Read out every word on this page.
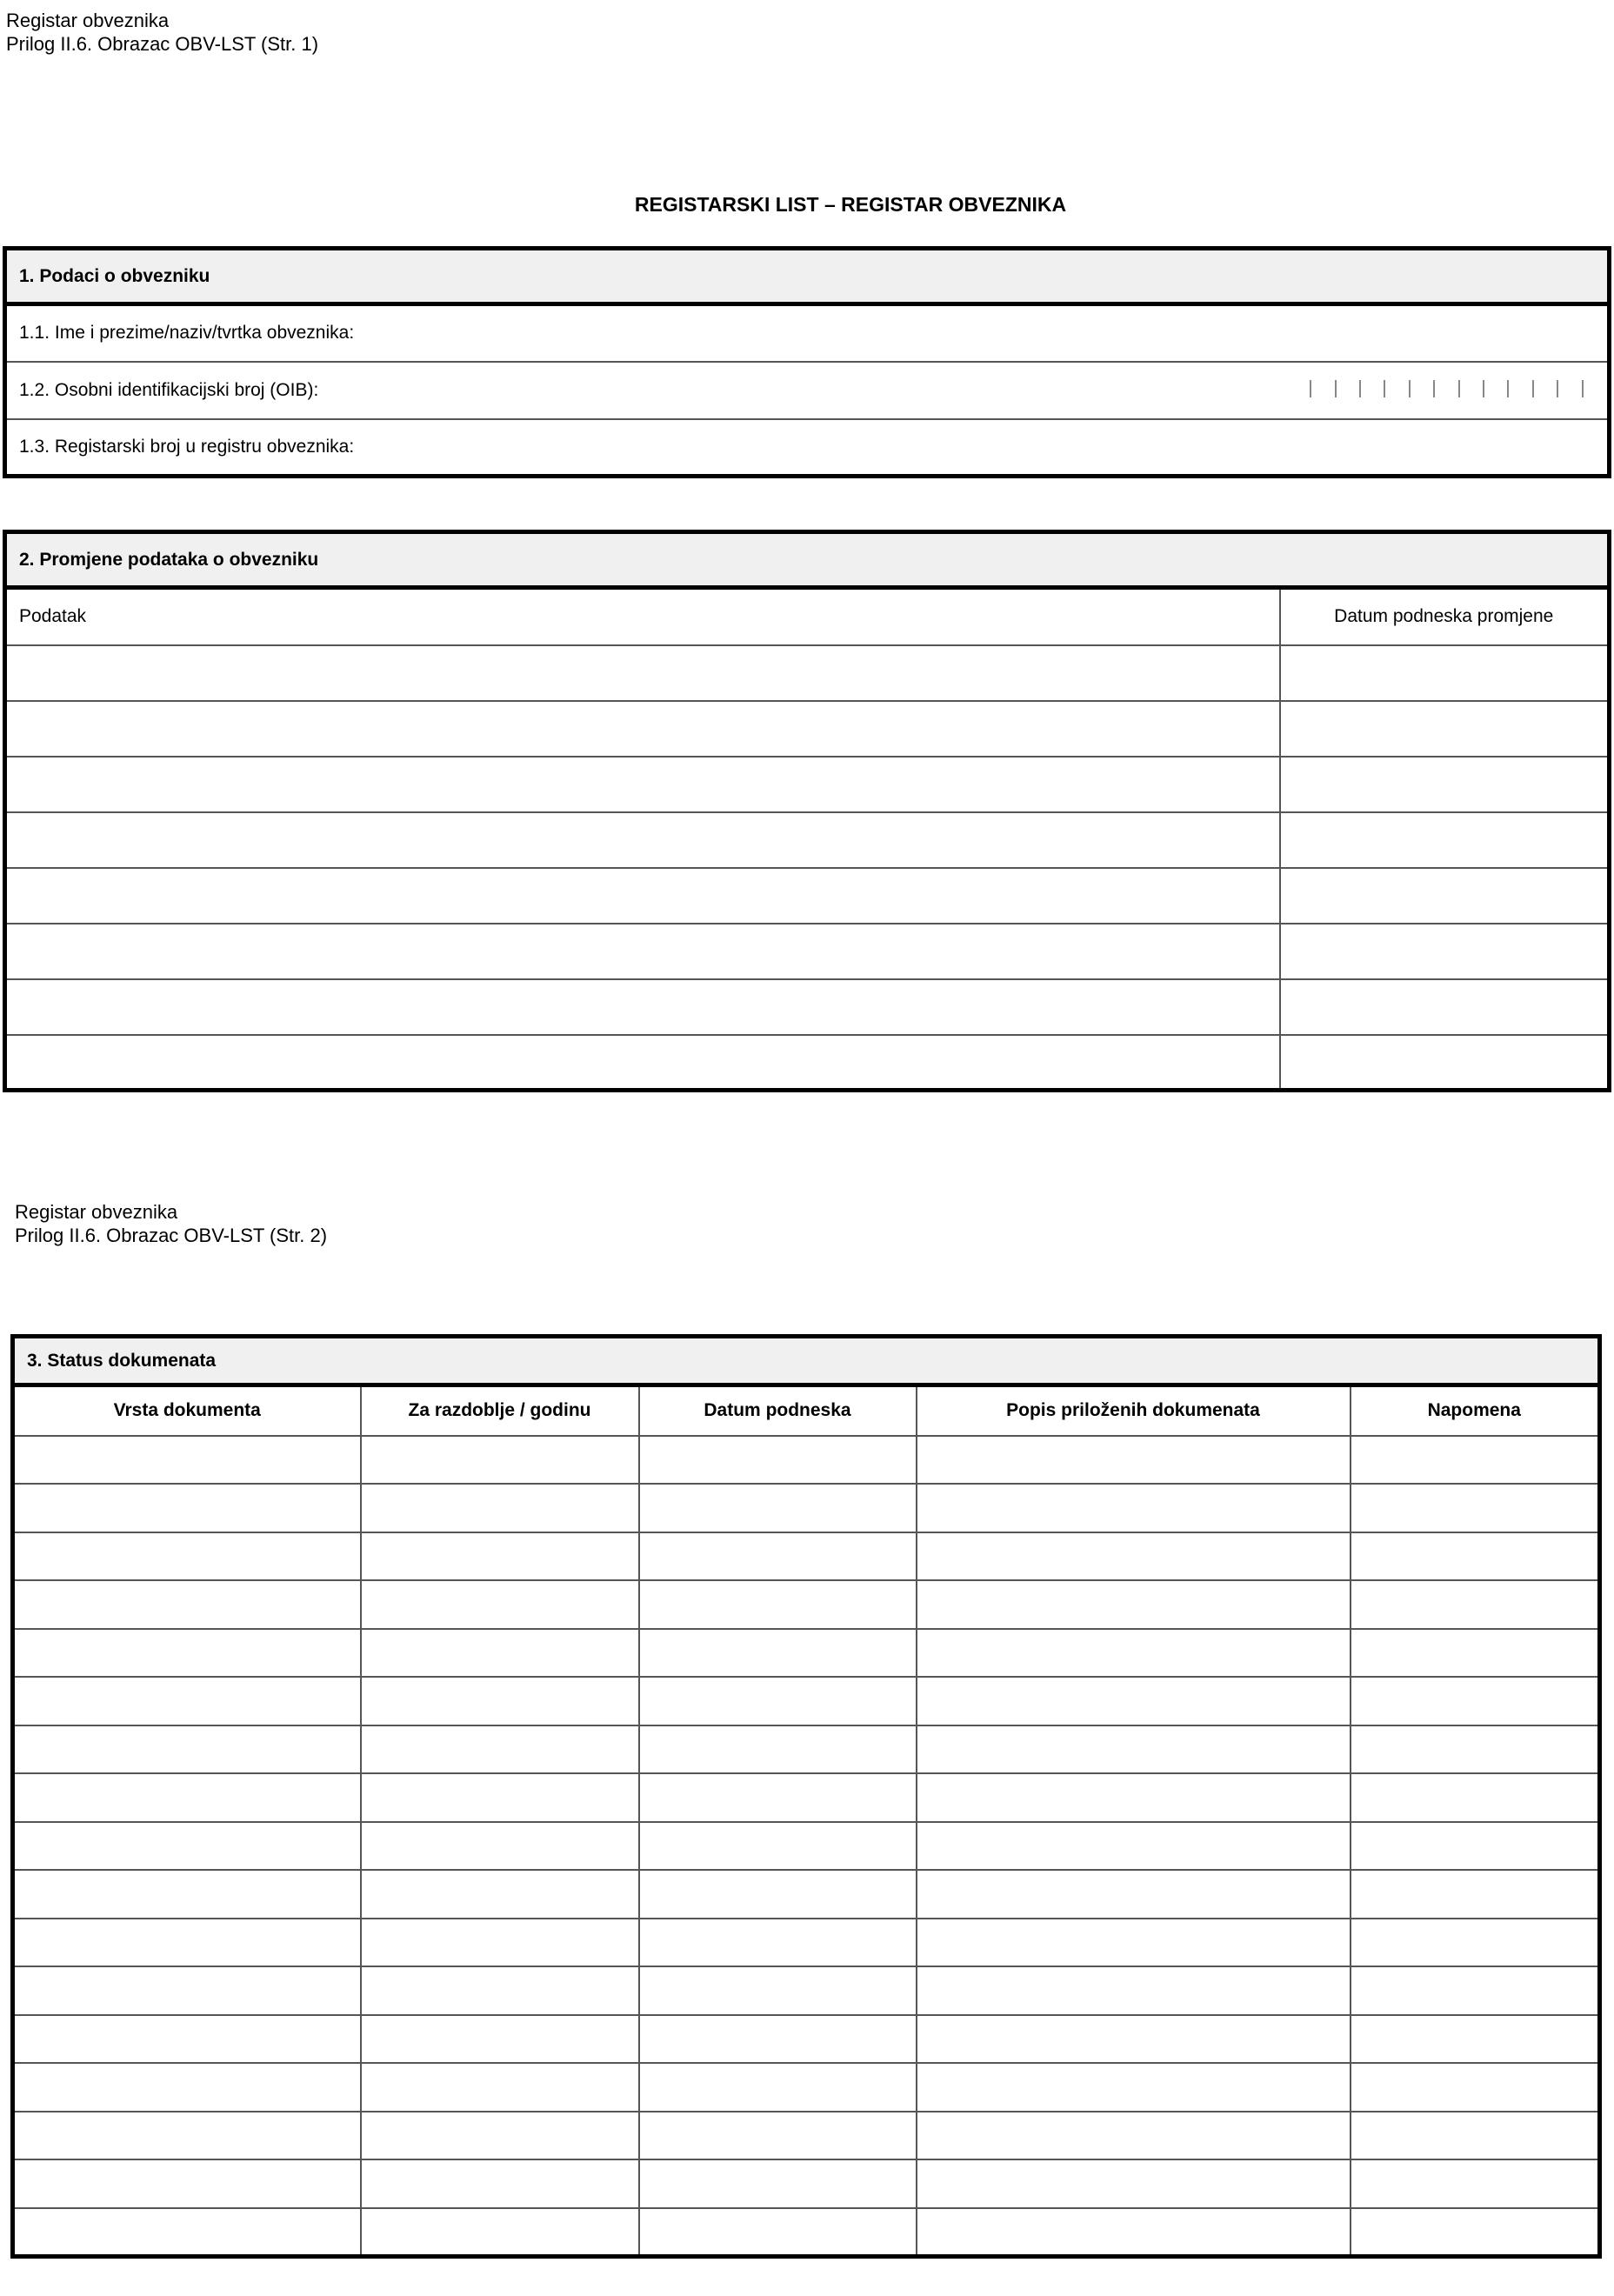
Registar obveznika
Prilog II.6. Obrazac OBV-LST (Str. 1)
REGISTARSKI LIST – REGISTAR OBVEZNIKA
1. Podaci o obvezniku
1.1. Ime i prezime/naziv/tvrtka obveznika:
1.2. Osobni identifikacijski broj (OIB):

1.3. Registarski broj u registru obveznika:
2. Promjene podataka o obvezniku	
Podatak	Datum podneska promjene

Registar obveznika
Prilog II.6. Obrazac OBV-LST (Str. 2)
3. Status dokumenata				
Vrsta dokumenta	Za razdoblje / godinu	Datum podneska	Popis priloženih dokumenata	Napomena
